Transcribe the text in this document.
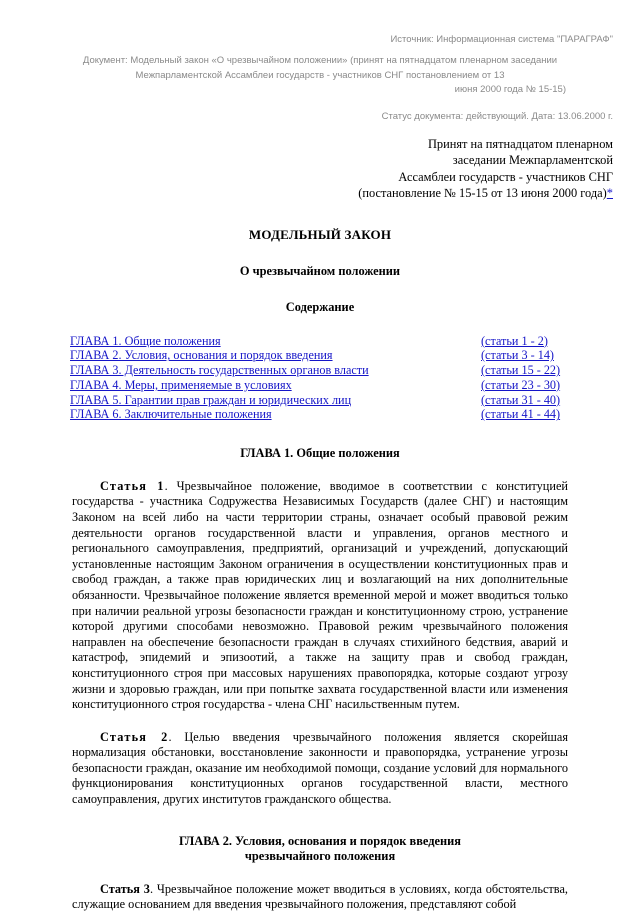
Источник: Информационная система "ПАРАГРАФ"
Документ: Модельный закон «О чрезвычайном положении» (принят на пятнадцатом пленарном заседании Межпарламентской Ассамблеи государств - участников СНГ постановлением от 13
июня 2000 года № 15-15)
Статус документа: действующий. Дата: 13.06.2000 г.
Принят на пятнадцатом пленарном
заседании Межпарламентской
Ассамблеи государств - участников СНГ
(постановление № 15-15 от 13 июня 2000 года)*
МОДЕЛЬНЫЙ ЗАКОН
О чрезвычайном положении
Содержание
ГЛАВА 1. Общие положения	(статьи 1 - 2)
ГЛАВА 2. Условия, основания и порядок введения	(статьи 3 - 14)
ГЛАВА 3. Деятельность государственных органов власти	(статьи 15 - 22)
ГЛАВА 4. Меры, применяемые в условиях	(статьи 23 - 30)
ГЛАВА 5. Гарантии прав граждан и юридических лиц	(статьи 31 - 40)
ГЛАВА 6. Заключительные положения	(статьи 41 - 44)
ГЛАВА 1. Общие положения

Статья 1. Чрезвычайное положение, вводимое в соответствии с конституцией государства - участника Содружества Независимых Государств (далее СНГ) и настоящим Законом на всей либо на части территории страны, означает особый правовой режим деятельности органов государственной власти и управления, органов местного и регионального самоуправления, предприятий, организаций и учреждений, допускающий установленные настоящим Законом ограничения в осуществлении конституционных прав и свобод граждан, а также прав юридических лиц и возлагающий на них дополнительные обязанности. Чрезвычайное положение является временной мерой и может вводиться только при наличии реальной угрозы безопасности граждан и конституционному строю, устранение которой другими способами невозможно. Правовой режим чрезвычайного положения направлен на обеспечение безопасности граждан в случаях стихийного бедствия, аварий и катастроф, эпидемий и эпизоотий, а также на защиту прав и свобод граждан, конституционного строя при массовых нарушениях правопорядка, которые создают угрозу жизни и здоровью граждан, или при попытке захвата государственной власти или изменения конституционного строя государства - члена СНГ насильственным путем.

Статья 2. Целью введения чрезвычайного положения является скорейшая нормализация обстановки, восстановление законности и правопорядка, устранение угрозы безопасности граждан, оказание им необходимой помощи, создание условий для нормального функционирования конституционных органов государственной власти, местного самоуправления, других институтов гражданского общества.

ГЛАВА 2. Условия, основания и порядок введения
чрезвычайного положения

Статья 3. Чрезвычайное положение может вводиться в условиях, когда обстоятельства, служащие основанием для введения чрезвычайного положения, представляют собой
